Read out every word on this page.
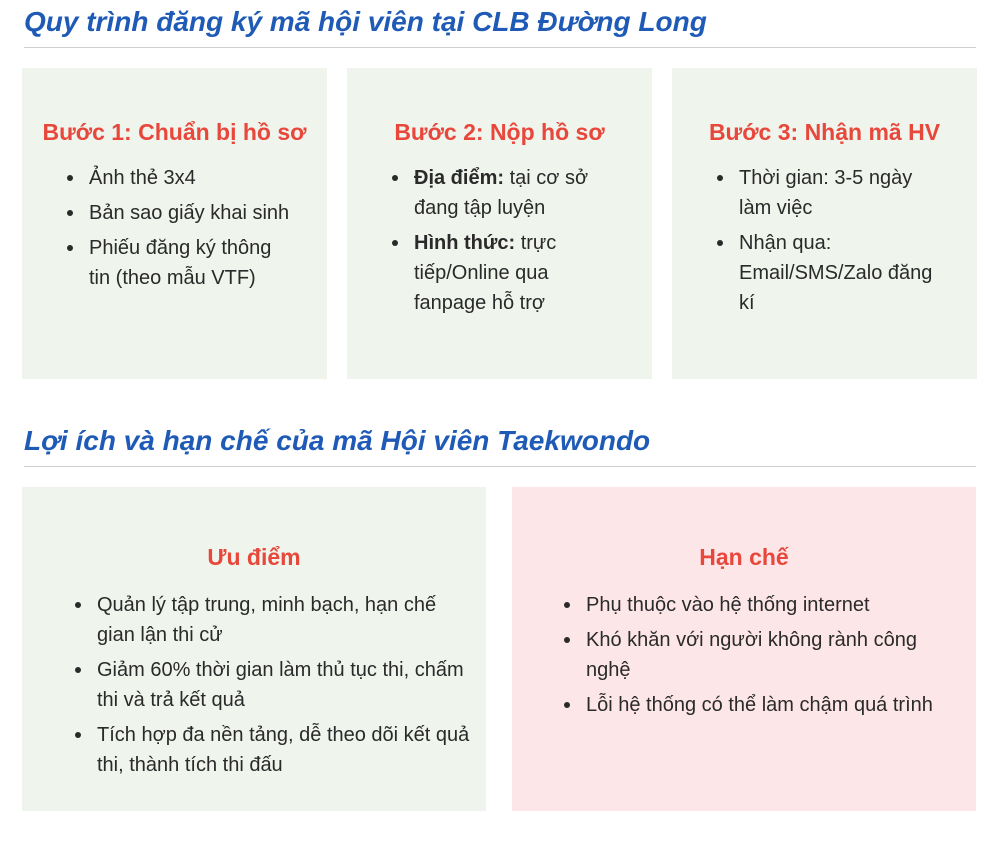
Quy trình đăng ký mã hội viên tại CLB Đường Long
Bước 1: Chuẩn bị hồ sơ
Ảnh thẻ 3x4
Bản sao giấy khai sinh
Phiếu đăng ký thông tin (theo mẫu VTF)
Bước 2: Nộp hồ sơ
Địa điểm: tại cơ sở đang tập luyện
Hình thức: trực tiếp/Online qua fanpage hỗ trợ
Bước 3: Nhận mã HV
Thời gian: 3-5 ngày làm việc
Nhận qua: Email/SMS/Zalo đăng kí
Lợi ích và hạn chế của mã Hội viên Taekwondo
Ưu điểm
Quản lý tập trung, minh bạch, hạn chế gian lận thi cử
Giảm 60% thời gian làm thủ tục thi, chấm thi và trả kết quả
Tích hợp đa nền tảng, dễ theo dõi kết quả thi, thành tích thi đấu
Hạn chế
Phụ thuộc vào hệ thống internet
Khó khăn với người không rành công nghệ
Lỗi hệ thống có thể làm chậm quá trình
